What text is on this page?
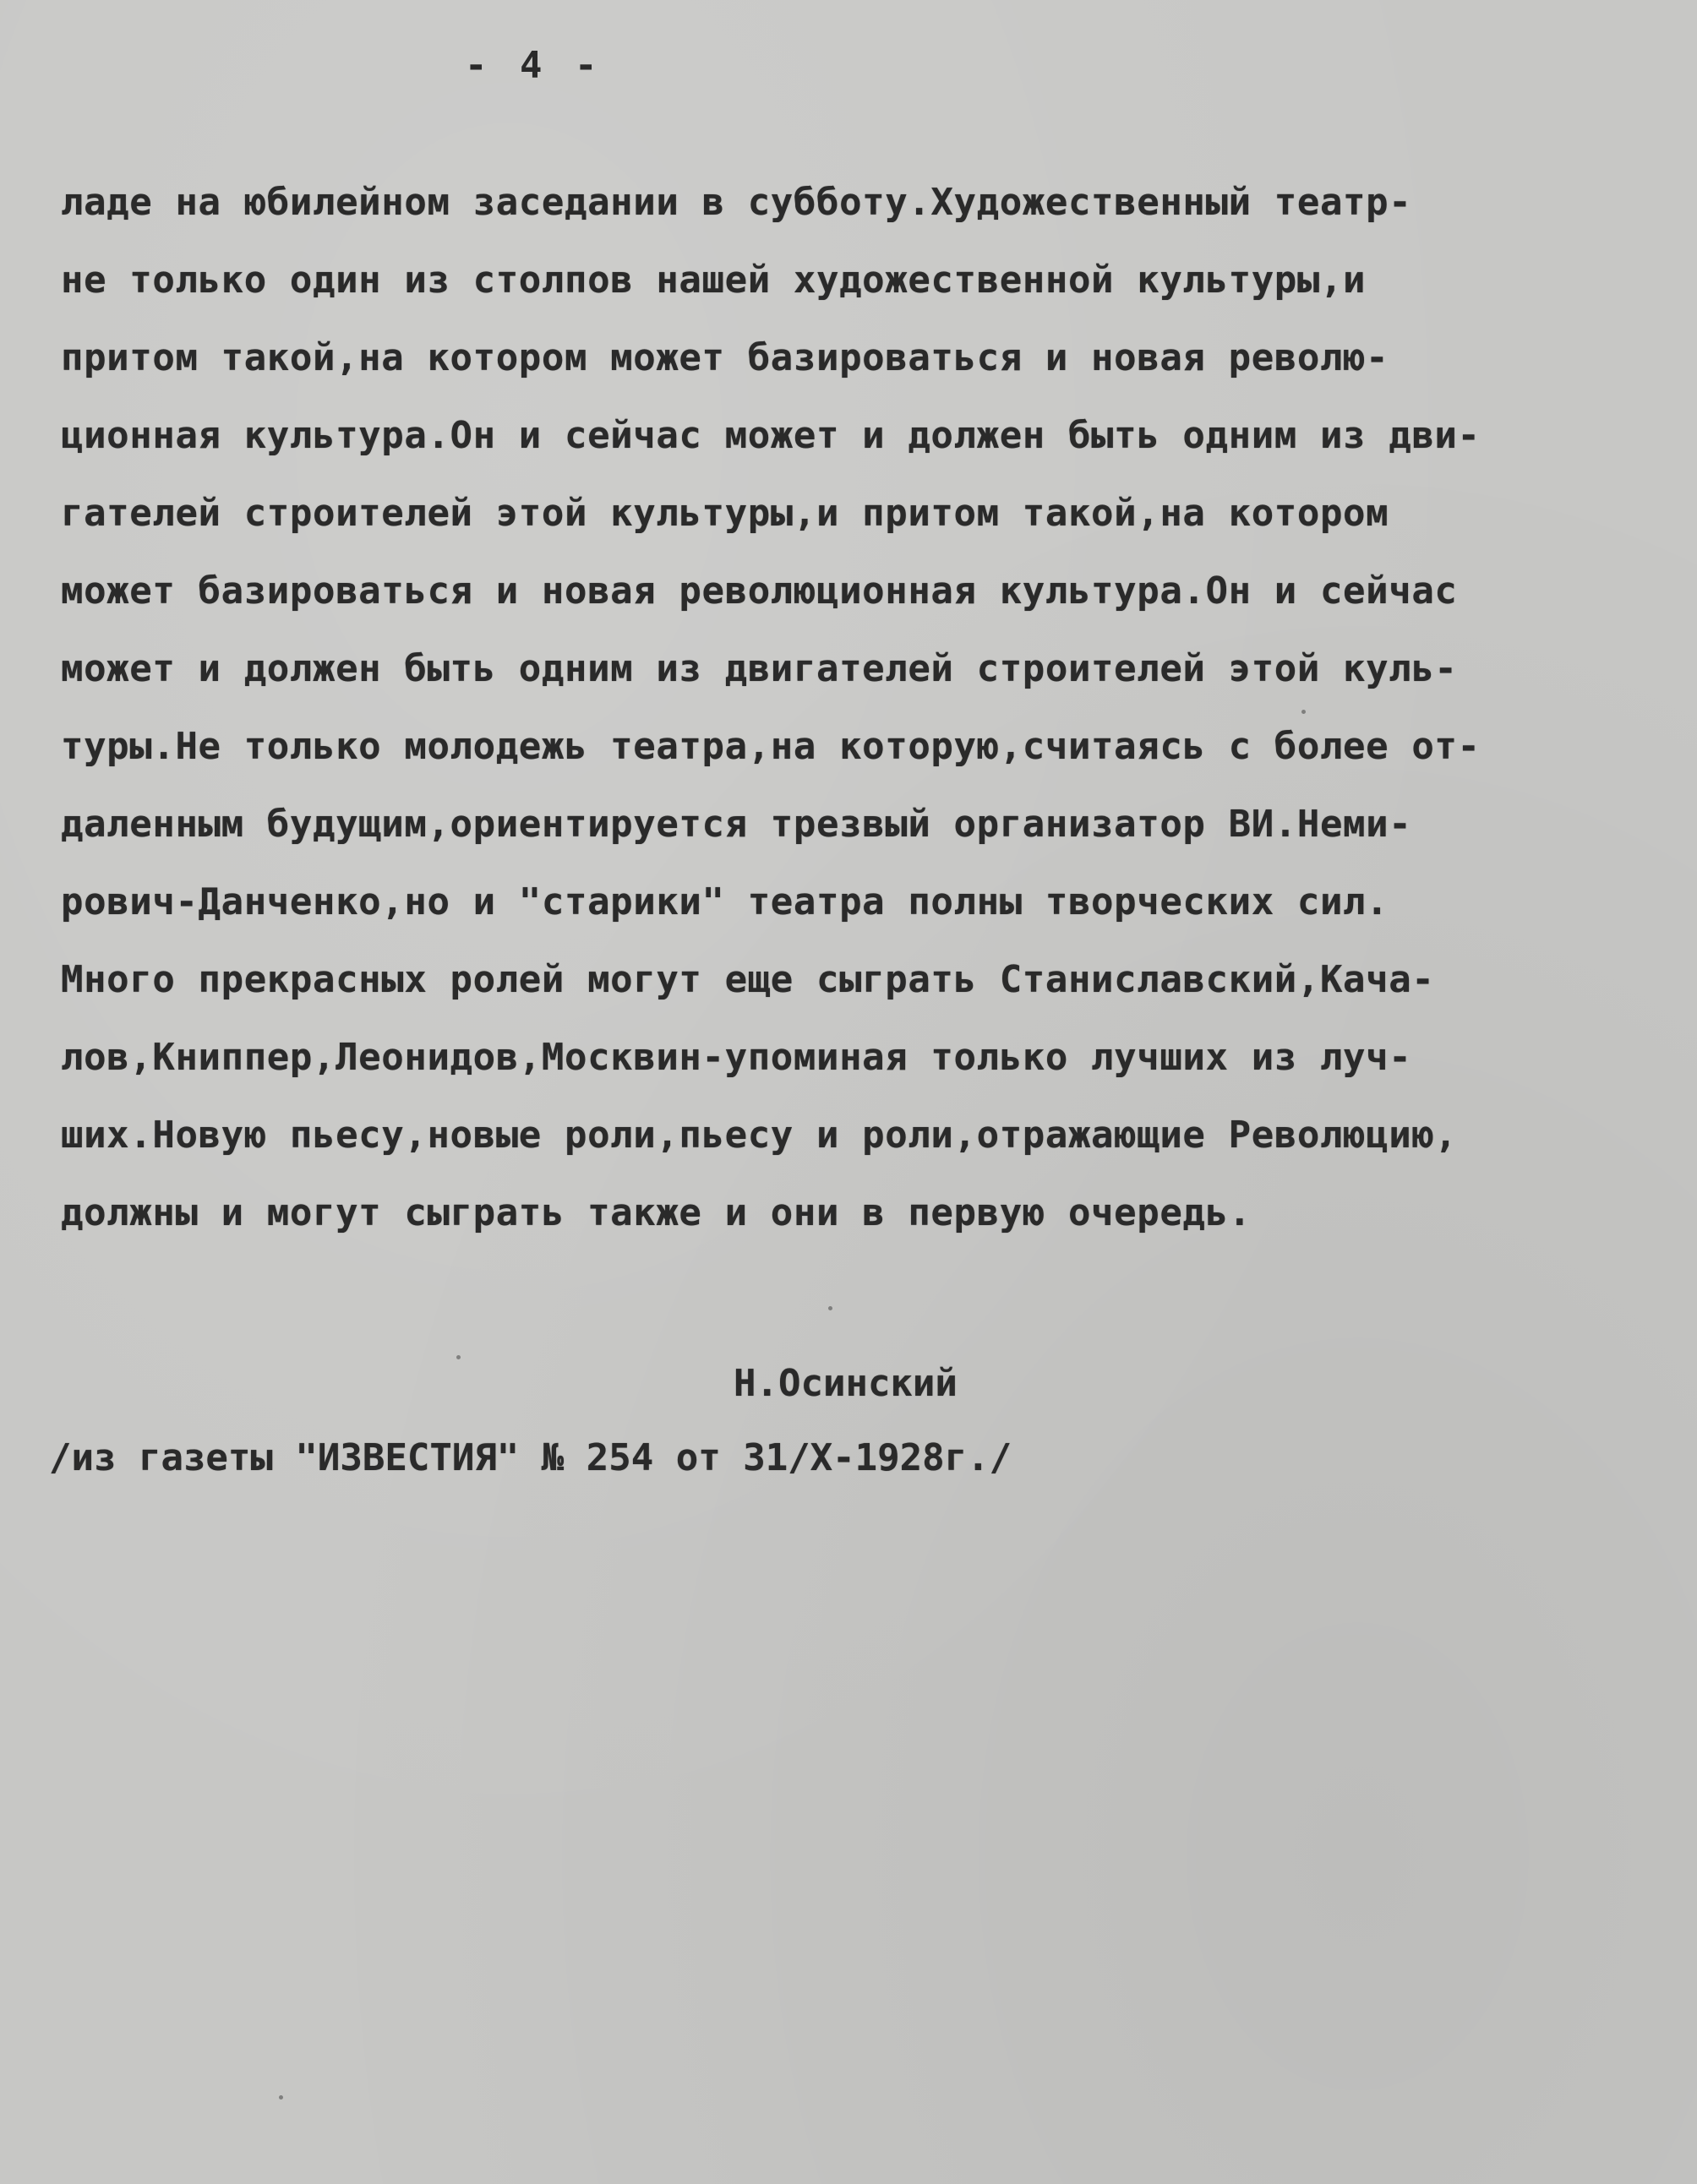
- 4 -
ладе на юбилейном заседании в субботу.Художественный театр-
не только один из столпов нашей художественной культуры,и
притом такой,на котором может базироваться и новая револю-
ционная культура.Он и сейчас может и должен быть одним из дви-
гателей строителей этой культуры,и притом такой,на котором
может базироваться и новая революционная культура.Он и сейчас
может и должен быть одним из двигателей строителей этой куль-
туры.Не только молодежь театра,на которую,считаясь с более от-
даленным будущим,ориентируется трезвый организатор ВИ.Неми-
рович-Данченко,но и "старики" театра полны творческих сил.
Много прекрасных ролей могут еще сыграть Станиславский,Кача-
лов,Книппер,Леонидов,Москвин-упоминая только лучших из луч-
ших.Новую пьесу,новые роли,пьесу и роли,отражающие Революцию,
должны и могут сыграть также и они в первую очередь.
Н.Осинский
/из газеты "ИЗВЕСТИЯ" № 254 от 31/X-1928г./
